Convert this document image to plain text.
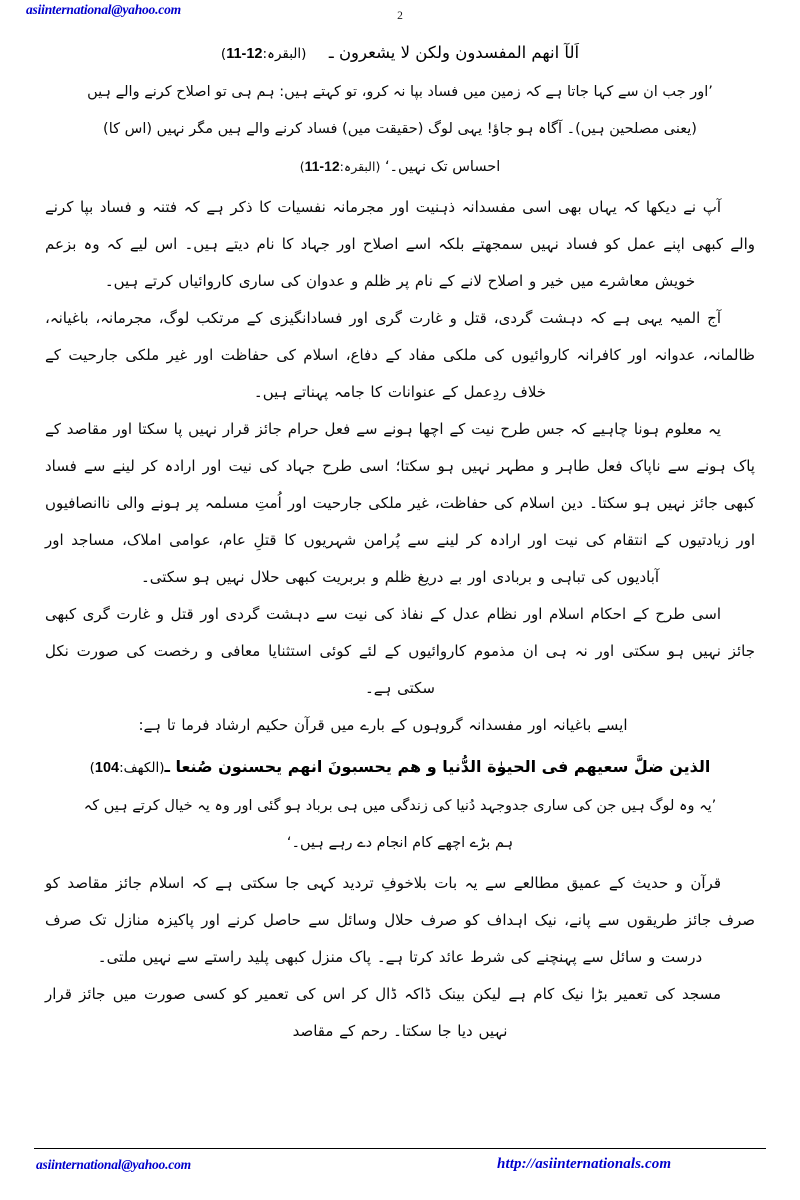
asiinternational@yahoo.com	2

اَلآ انھم المفسدون ولكن لا يشعرون ـ     (البقرہ:11-12)

’اور جب ان سے کہا جاتا ہے کہ زمین میں فساد بپا نہ کرو، تو کہتے ہیں: ہم ہی تو اصلاح کرنے والے ہیں (یعنی مصلحین ہیں)۔ آگاہ ہو جاؤ! یہی لوگ (حقیقت میں) فساد کرنے والے ہیں مگر نہیں (اس کا) احساس تک نہیں۔‘ (البقرہ:11-12)

آپ نے دیکھا کہ یہاں بھی اسی مفسدانہ ذہنیت اور مجرمانہ نفسیات کا ذکر ہے کہ فتنہ و فساد بپا کرنے والے کبھی اپنے عمل کو فساد نہیں سمجھتے بلکہ اسے اصلاح اور جہاد کا نام دیتے ہیں۔ اس لیے کہ وہ بزعم خویش معاشرے میں خیر و اصلاح لانے کے نام پر ظلم و عدوان کی ساری کاروائیاں کرتے ہیں۔

آج المیہ یہی ہے کہ دہشت گردی، قتل و غارت گری اور فسادانگیزی کے مرتکب لوگ، مجرمانہ، باغیانہ، ظالمانہ، عدوانہ اور کافرانہ کاروائیوں کی ملکی مفاد کے دفاع، اسلام کی حفاظت اور غیر ملکی جارحیت کے خلاف ردِعمل کے عنوانات کا جامہ پہناتے ہیں۔

یہ معلوم ہونا چاہیے کہ جس طرح نیت کے اچھا ہونے سے فعل حرام جائز قرار نہیں پا سکتا اور مقاصد کے پاک ہونے سے ناپاک فعل طاہر و مطہر نہیں ہو سکتا؛ اسی طرح جہاد کی نیت اور ارادہ کر لینے سے فساد کبھی جائز نہیں ہو سکتا۔ دین اسلام کی حفاظت، غیر ملکی جارحیت اور اُمتِ مسلمہ پر ہونے والی ناانصافیوں اور زیادتیوں کے انتقام کی نیت اور ارادہ کر لینے سے پُرامن شہریوں کا قتلِ عام، عوامی املاک، مساجد اور آبادیوں کی تباہی و بربادی اور بے دریغ ظلم و بربریت کبھی حلال نہیں ہو سکتی۔

اسی طرح کے احکام اسلام اور نظام عدل کے نفاذ کی نیت سے دہشت گردی اور قتل و غارت گری کبھی جائز نہیں ہو سکتی اور نہ ہی ان مذموم کاروائیوں کے لئے کوئی استثنایا معافی و رخصت کی صورت نکل سکتی ہے۔

ایسے باغیانہ اور مفسدانہ گروہوں کے بارے میں قرآن حکیم ارشاد فرما تا ہے:

الذين ضلَّ سعيهم فى الحيوٰة الدُّنيا و هم يحسبونَ انهم يحسنون صُنعا ـ(الکھف:104)

’یہ وہ لوگ ہیں جن کی ساری جدوجہد دُنیا کی زندگی میں ہی برباد ہو گئی اور وہ یہ خیال کرتے ہیں کہ ہم بڑے اچھے کام انجام دے رہے ہیں۔‘

قرآن و حدیث کے عمیق مطالعے سے یہ بات بلاخوفِ تردید کہی جا سکتی ہے کہ اسلام جائز مقاصد کو صرف جائز طریقوں سے پانے، نیک اہداف کو صرف حلال وسائل سے حاصل کرنے اور پاکیزہ منازل تک صرف درست و سائل سے پہنچنے کی شرط عائد کرتا ہے۔ پاک منزل کبھی پلید راستے سے نہیں ملتی۔

مسجد کی تعمیر بڑا نیک کام ہے لیکن بینک ڈاکہ ڈال کر اس کی تعمیر کو کسی صورت میں جائز قرار نہیں دیا جا سکتا۔ رحم کے مقاصد

asiinternational@yahoo.com	http://asiinternationals.com
